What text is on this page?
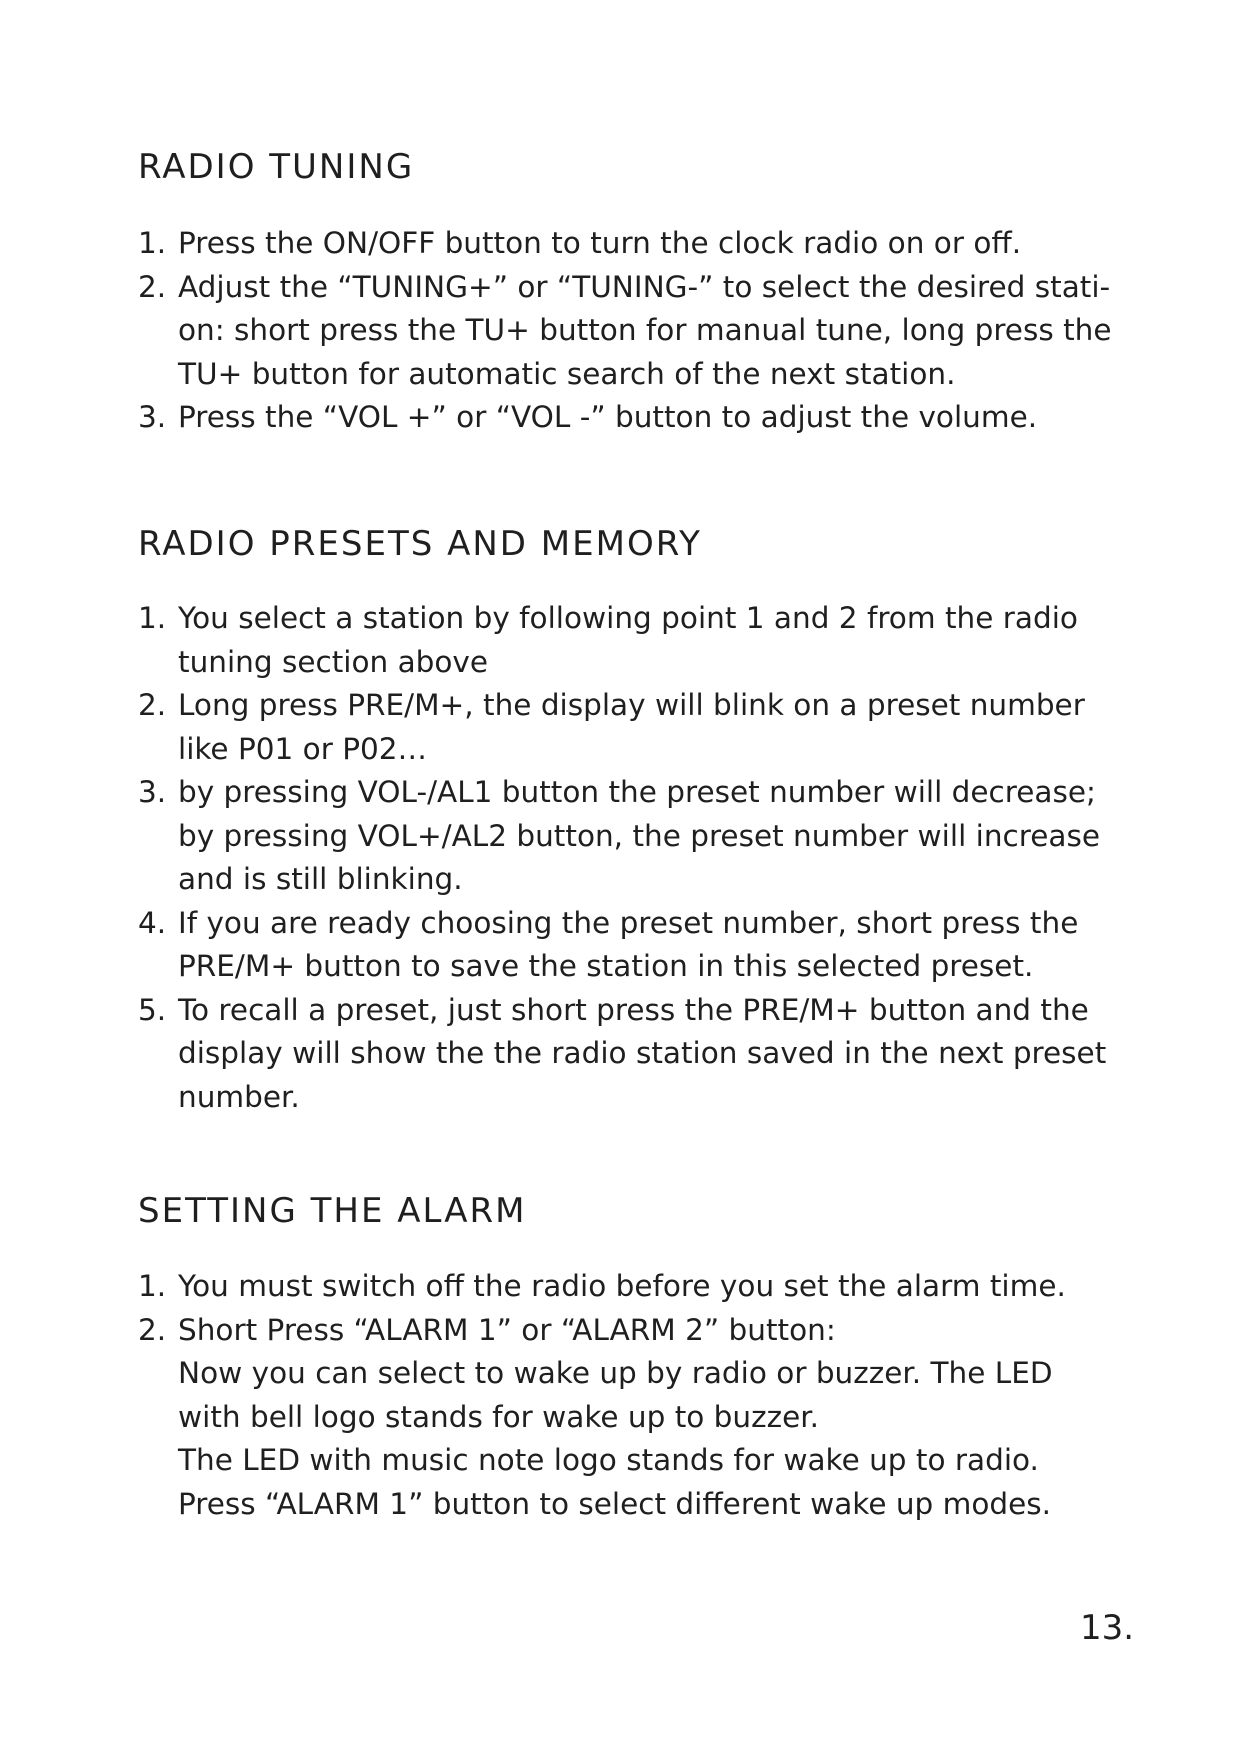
RADIO TUNING
1. Press the ON/OFF button to turn the clock radio on or off.
2. Adjust the “TUNING+” or “TUNING-” to select the desired stati-
on: short press the TU+ button for manual tune, long press the
TU+ button for automatic search of the next station.
3. Press the “VOL +” or “VOL -” button to adjust the volume.
RADIO PRESETS AND MEMORY
1. You select a station by following point 1 and 2 from the radio
tuning section above
2. Long press PRE/M+, the display will blink on a preset number
like P01 or P02…
3. by pressing VOL-/AL1 button the preset number will decrease;
by pressing VOL+/AL2 button, the preset number will increase
and is still blinking.
4. If you are ready choosing the preset number, short press the
PRE/M+ button to save the station in this selected preset.
5. To recall a preset, just short press the PRE/M+ button and the
display will show the the radio station saved in the next preset
number.
SETTING THE ALARM
1. You must switch off the radio before you set the alarm time.
2. Short Press “ALARM 1” or “ALARM 2” button:
Now you can select to wake up by radio or buzzer. The LED
with bell logo stands for wake up to buzzer.
The LED with music note logo stands for wake up to radio.
Press “ALARM 1” button to select different wake up modes.
13.
